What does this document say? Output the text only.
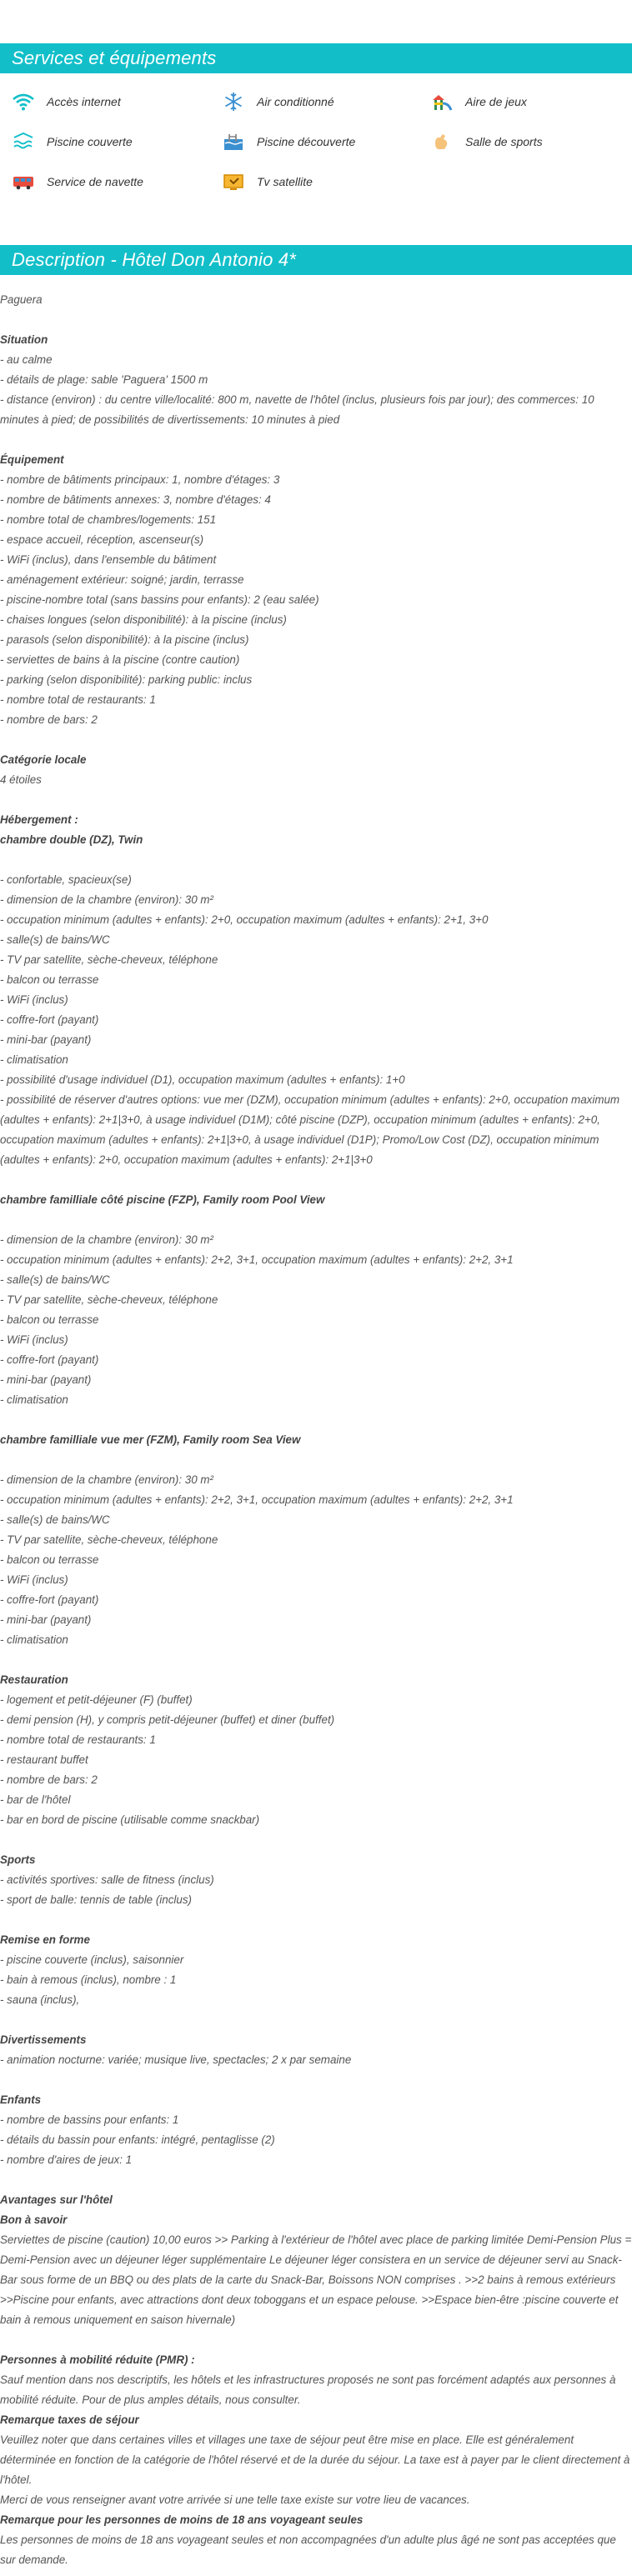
Services et équipements
Accès internet	Air conditionné	Aire de jeux
Piscine couverte	Piscine découverte	Salle de sports
Service de navette	Tv satellite
Description - Hôtel Don Antonio 4*
Paguera
Situation
- au calme
- détails de plage: sable 'Paguera' 1500 m
- distance (environ) : du centre ville/localité: 800 m, navette de l'hôtel (inclus, plusieurs fois par jour); des commerces: 10 minutes à pied; de possibilités de divertissements: 10 minutes à pied
Équipement
- nombre de bâtiments principaux: 1, nombre d'étages: 3
- nombre de bâtiments annexes: 3, nombre d'étages: 4
- nombre total de chambres/logements: 151
- espace accueil, réception, ascenseur(s)
- WiFi (inclus), dans l'ensemble du bâtiment
- aménagement extérieur: soigné; jardin, terrasse
- piscine-nombre total (sans bassins pour enfants): 2 (eau salée)
- chaises longues (selon disponibilité): à la piscine (inclus)
- parasols (selon disponibilité): à la piscine (inclus)
- serviettes de bains à la piscine (contre caution)
- parking (selon disponibilité): parking public: inclus
- nombre total de restaurants: 1
- nombre de bars: 2
Catégorie locale
4 étoiles
Hébergement :
chambre double (DZ), Twin

- confortable, spacieux(se)
- dimension de la chambre (environ): 30 m²
- occupation minimum (adultes + enfants): 2+0, occupation maximum (adultes + enfants): 2+1, 3+0
- salle(s) de bains/WC
- TV par satellite, sèche-cheveux, téléphone
- balcon ou terrasse
- WiFi (inclus)
- coffre-fort (payant)
- mini-bar (payant)
- climatisation
- possibilité d'usage individuel (D1), occupation maximum (adultes + enfants): 1+0
- possibilité de réserver d'autres options: vue mer (DZM), occupation minimum (adultes + enfants): 2+0, occupation maximum (adultes + enfants): 2+1|3+0, à usage individuel (D1M); côté piscine (DZP), occupation minimum (adultes + enfants): 2+0, occupation maximum (adultes + enfants): 2+1|3+0, à usage individuel (D1P); Promo/Low Cost (DZ), occupation minimum (adultes + enfants): 2+0, occupation maximum (adultes + enfants): 2+1|3+0
chambre familliale côté piscine (FZP), Family room Pool View

- dimension de la chambre (environ): 30 m²
- occupation minimum (adultes + enfants): 2+2, 3+1, occupation maximum (adultes + enfants): 2+2, 3+1
- salle(s) de bains/WC
- TV par satellite, sèche-cheveux, téléphone
- balcon ou terrasse
- WiFi (inclus)
- coffre-fort (payant)
- mini-bar (payant)
- climatisation
chambre familliale vue mer (FZM), Family room Sea View

- dimension de la chambre (environ): 30 m²
- occupation minimum (adultes + enfants): 2+2, 3+1, occupation maximum (adultes + enfants): 2+2, 3+1
- salle(s) de bains/WC
- TV par satellite, sèche-cheveux, téléphone
- balcon ou terrasse
- WiFi (inclus)
- coffre-fort (payant)
- mini-bar (payant)
- climatisation
Restauration
- logement et petit-déjeuner (F) (buffet)
- demi pension (H), y compris petit-déjeuner (buffet) et diner (buffet)
- nombre total de restaurants: 1
- restaurant buffet
- nombre de bars: 2
- bar de l'hôtel
- bar en bord de piscine (utilisable comme snackbar)
Sports
- activités sportives: salle de fitness (inclus)
- sport de balle: tennis de table (inclus)
Remise en forme
- piscine couverte (inclus), saisonnier
- bain à remous (inclus), nombre : 1
- sauna (inclus),
Divertissements
- animation nocturne: variée; musique live, spectacles; 2 x par semaine
Enfants
- nombre de bassins pour enfants: 1
- détails du bassin pour enfants: intégré, pentaglisse (2)
- nombre d'aires de jeux: 1
Avantages sur l'hôtel
Bon à savoir
Serviettes de piscine (caution) 10,00 euros >> Parking à l'extérieur de l'hôtel avec place de parking limitée Demi-Pension Plus = Demi-Pension avec un déjeuner léger supplémentaire Le déjeuner léger consistera en un service de déjeuner servi au Snack-Bar sous forme de un BBQ ou des plats de la carte du Snack-Bar, Boissons NON comprises . >>2 bains à remous extérieurs >>Piscine pour enfants, avec attractions dont deux toboggans et un espace pelouse. >>Espace bien-être :piscine couverte et bain à remous uniquement en saison hivernale)
Personnes à mobilité réduite (PMR) :
Sauf mention dans nos descriptifs, les hôtels et les infrastructures proposés ne sont pas forcément adaptés aux personnes à mobilité réduite. Pour de plus amples détails, nous consulter.
Remarque taxes de séjour
Veuillez noter que dans certaines villes et villages une taxe de séjour peut être mise en place. Elle est généralement déterminée en fonction de la catégorie de l'hôtel réservé et de la durée du séjour. La taxe est à payer par le client directement à l'hôtel.
Merci de vous renseigner avant votre arrivée si une telle taxe existe sur votre lieu de vacances.
Remarque pour les personnes de moins de 18 ans voyageant seules
Les personnes de moins de 18 ans voyageant seules et non accompagnées d'un adulte plus âgé ne sont pas acceptées que sur demande.
